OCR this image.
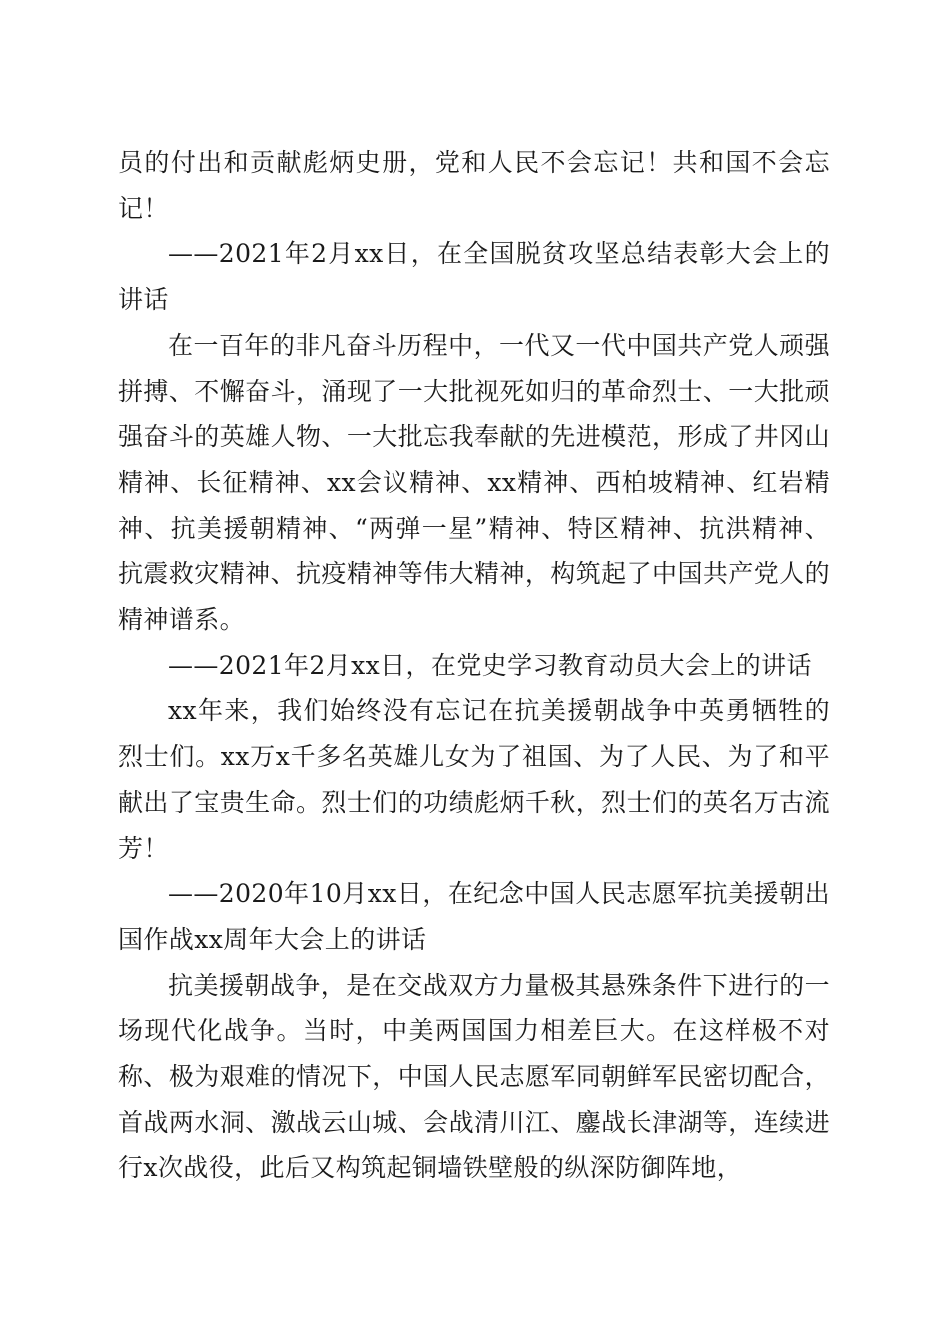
员的付出和贡献彪炳史册，党和人民不会忘记！共和国不会忘记！

——2021年2月xx日，在全国脱贫攻坚总结表彰大会上的讲话

在一百年的非凡奋斗历程中，一代又一代中国共产党人顽强拼搏、不懈奋斗，涌现了一大批视死如归的革命烈士、一大批顽强奋斗的英雄人物、一大批忘我奉献的先进模范，形成了井冈山精神、长征精神、xx会议精神、xx精神、西柏坡精神、红岩精神、抗美援朝精神、“两弹一星”精神、特区精神、抗洪精神、抗震救灾精神、抗疫精神等伟大精神，构筑起了中国共产党人的精神谱系。

——2021年2月xx日，在党史学习教育动员大会上的讲话

xx年来，我们始终没有忘记在抗美援朝战争中英勇牺牲的烈士们。xx万x千多名英雄儿女为了祖国、为了人民、为了和平献出了宝贵生命。烈士们的功绩彪炳千秋，烈士们的英名万古流芳！

——2020年10月xx日，在纪念中国人民志愿军抗美援朝出国作战xx周年大会上的讲话

抗美援朝战争，是在交战双方力量极其悬殊条件下进行的一场现代化战争。当时，中美两国国力相差巨大。在这样极不对称、极为艰难的情况下，中国人民志愿军同朝鲜军民密切配合，首战两水洞、激战云山城、会战清川江、鏖战长津湖等，连续进行x次战役，此后又构筑起铜墙铁壁般的纵深防御阵地，
